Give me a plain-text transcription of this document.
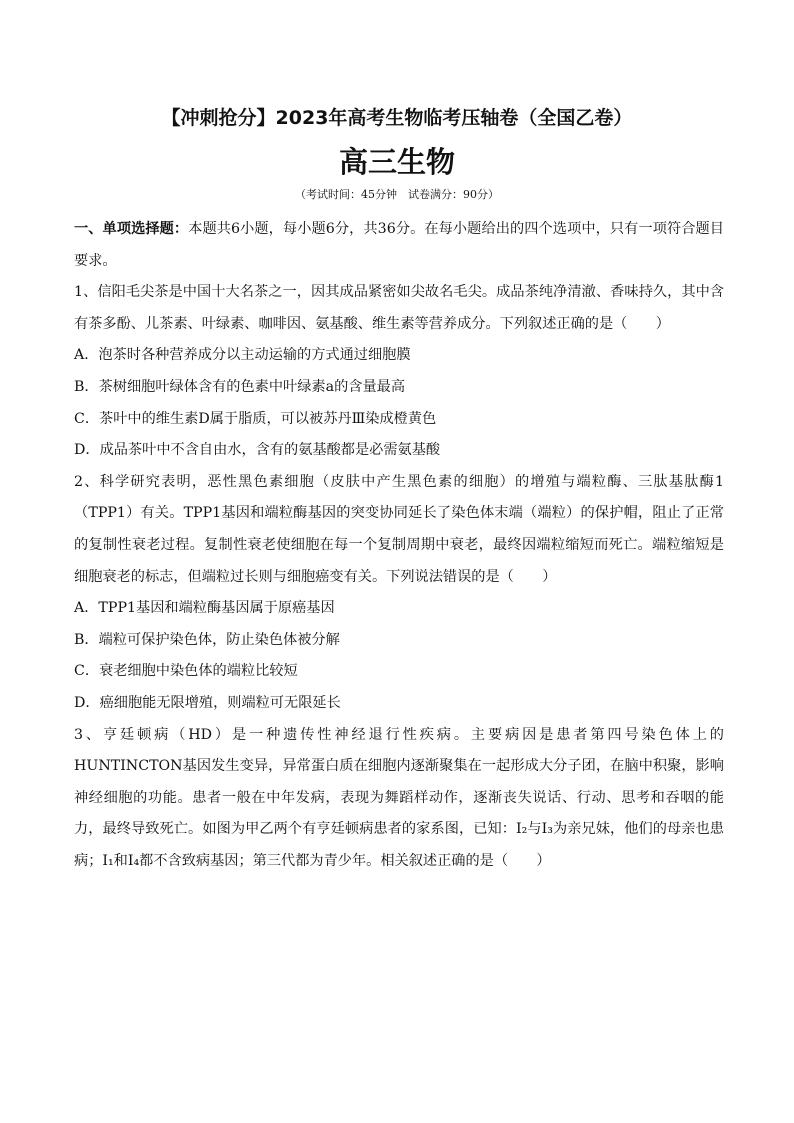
【冲刺抢分】2023年高考生物临考压轴卷（全国乙卷）
高三生物
（考试时间：45分钟　试卷满分：90分）

一、单项选择题：本题共6小题，每小题6分，共36分。在每小题给出的四个选项中，只有一项符合题目要求。

1、信阳毛尖茶是中国十大名茶之一，因其成品紧密如尖故名毛尖。成品茶纯净清澈、香味持久，其中含有茶多酚、儿茶素、叶绿素、咖啡因、氨基酸、维生素等营养成分。下列叙述正确的是（　　）

A．泡茶时各种营养成分以主动运输的方式通过细胞膜

B．茶树细胞叶绿体含有的色素中叶绿素a的含量最高

C．茶叶中的维生素D属于脂质，可以被苏丹Ⅲ染成橙黄色

D．成品茶叶中不含自由水，含有的氨基酸都是必需氨基酸

2、科学研究表明，恶性黑色素细胞（皮肤中产生黑色素的细胞）的增殖与端粒酶、三肽基肽酶1（TPP1）有关。TPP1基因和端粒酶基因的突变协同延长了染色体末端（端粒）的保护帽，阻止了正常的复制性衰老过程。复制性衰老使细胞在每一个复制周期中衰老，最终因端粒缩短而死亡。端粒缩短是细胞衰老的标志，但端粒过长则与细胞癌变有关。下列说法错误的是（　　）

A．TPP1基因和端粒酶基因属于原癌基因

B．端粒可保护染色体，防止染色体被分解

C．衰老细胞中染色体的端粒比较短

D．癌细胞能无限增殖，则端粒可无限延长

3、亨廷顿病（HD）是一种遗传性神经退行性疾病。主要病因是患者第四号染色体上的HUNTINCTON基因发生变异，异常蛋白质在细胞内逐渐聚集在一起形成大分子团，在脑中积聚，影响神经细胞的功能。患者一般在中年发病，表现为舞蹈样动作，逐渐丧失说话、行动、思考和吞咽的能力，最终导致死亡。如图为甲乙两个有亨廷顿病患者的家系图，已知：I₂与I₃为亲兄妹，他们的母亲也患病；I₁和I₄都不含致病基因；第三代都为青少年。相关叙述正确的是（　　）
